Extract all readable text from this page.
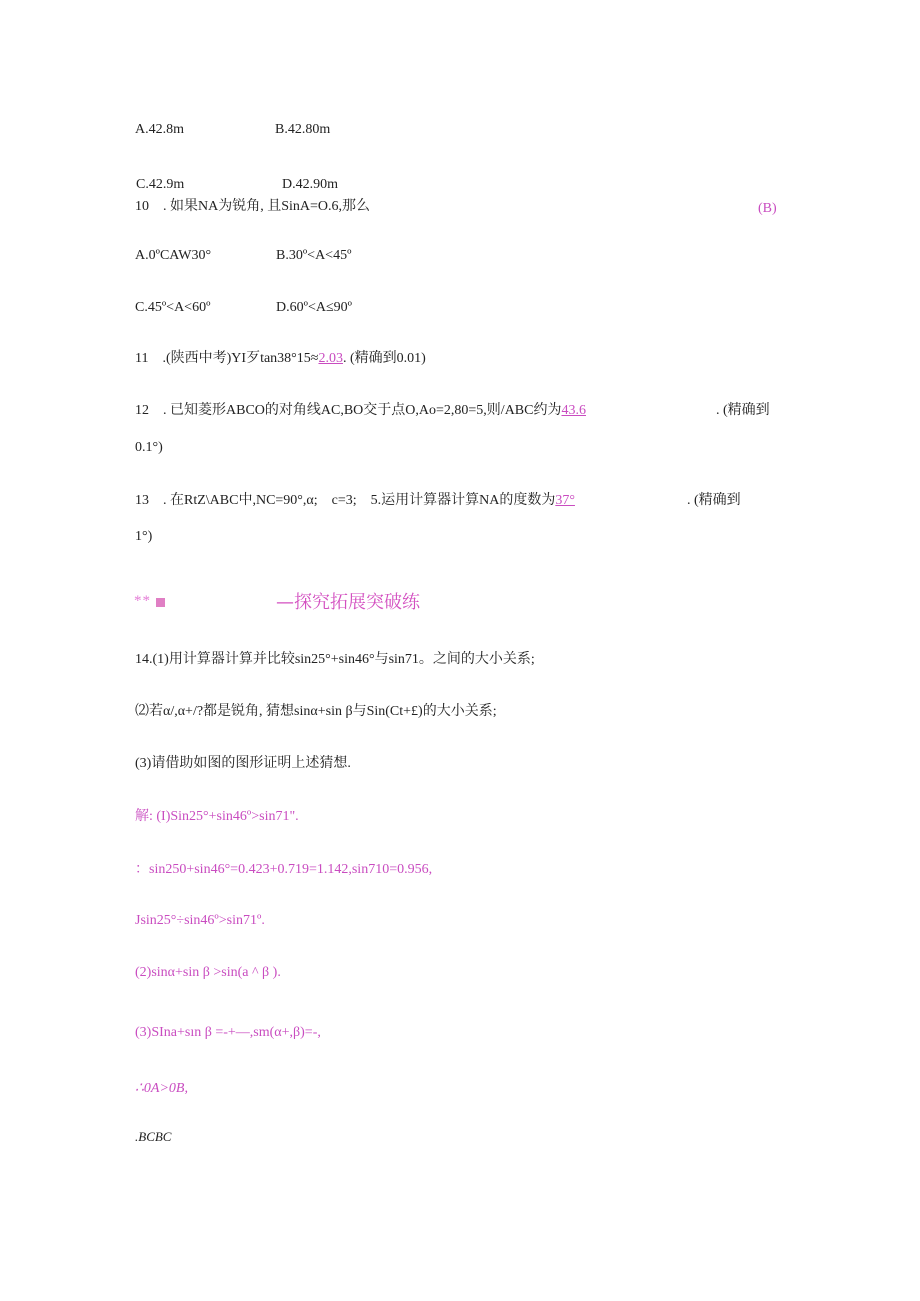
A.42.8m	B.42.80m
C.42.9m	D.42.90m
10　. 如果NA为锐角, 且SinA=O.6,那么	(B)
A.0ºCAW30°	B.30º<A<45º
C.45º<A<60º	D.60º<A≤90º
11　.(陕西中考)YI歹tan38°15≈2.03. (精确到0.01)
12　. 已知菱形ABCO的对角线AC,BO交于点O,Ao=2,80=5,则/ABC约为43.6	. (精确到
0.1°)
13　. 在RtZ\ABC中,NC=90°,α;　c=3;　5.运用计算器计算NA的度数为37°	. (精确到
1°)
**	—探究拓展突破练
14.(1)用计算器计算并比较sin25°+sin46°与sin71。之间的大小关系;
⑵若α/,α+/?都是锐角, 猜想sinα+sin β与Sin(Ct+£)的大小关系;
(3)请借助如图的图形证明上述猜想.
解: (I)Sin25°+sin46º>sin71".
：sin250+sin46°=0.423+0.719=1.142,sin710=0.956,
Jsin25°÷sin46º>sin71º.
(2)sinα+sin β >sin(a ^ β ).
(3)SIna+sın β =-+—,sm(α+,β)=-,
∴0A>0B,
.BCBC
